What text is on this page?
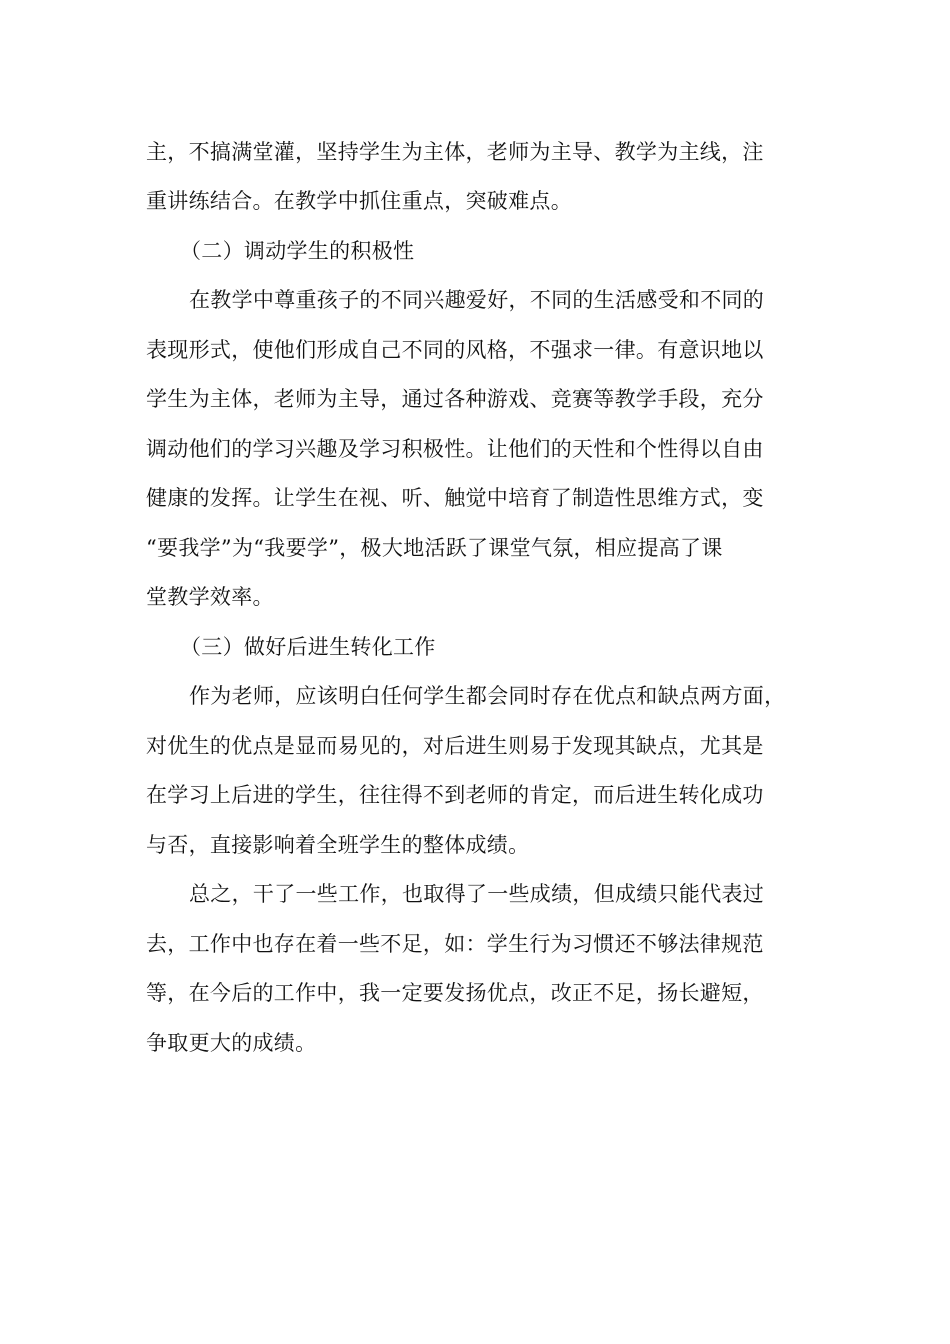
主，不搞满堂灌，坚持学生为主体，老师为主导、教学为主线，注
重讲练结合。在教学中抓住重点，突破难点。
（二）调动学生的积极性
在教学中尊重孩子的不同兴趣爱好，不同的生活感受和不同的
表现形式，使他们形成自己不同的风格，不强求一律。有意识地以
学生为主体，老师为主导，通过各种游戏、竞赛等教学手段，充分
调动他们的学习兴趣及学习积极性。让他们的天性和个性得以自由
健康的发挥。让学生在视、听、触觉中培育了制造性思维方式，变
“要我学”为“我要学”，极大地活跃了课堂气氛，相应提高了课
堂教学效率。
（三）做好后进生转化工作
作为老师，应该明白任何学生都会同时存在优点和缺点两方面，
对优生的优点是显而易见的，对后进生则易于发现其缺点，尤其是
在学习上后进的学生，往往得不到老师的肯定，而后进生转化成功
与否，直接影响着全班学生的整体成绩。
总之，干了一些工作，也取得了一些成绩，但成绩只能代表过
去，工作中也存在着一些不足，如：学生行为习惯还不够法律规范
等，在今后的工作中，我一定要发扬优点，改正不足，扬长避短，
争取更大的成绩。
